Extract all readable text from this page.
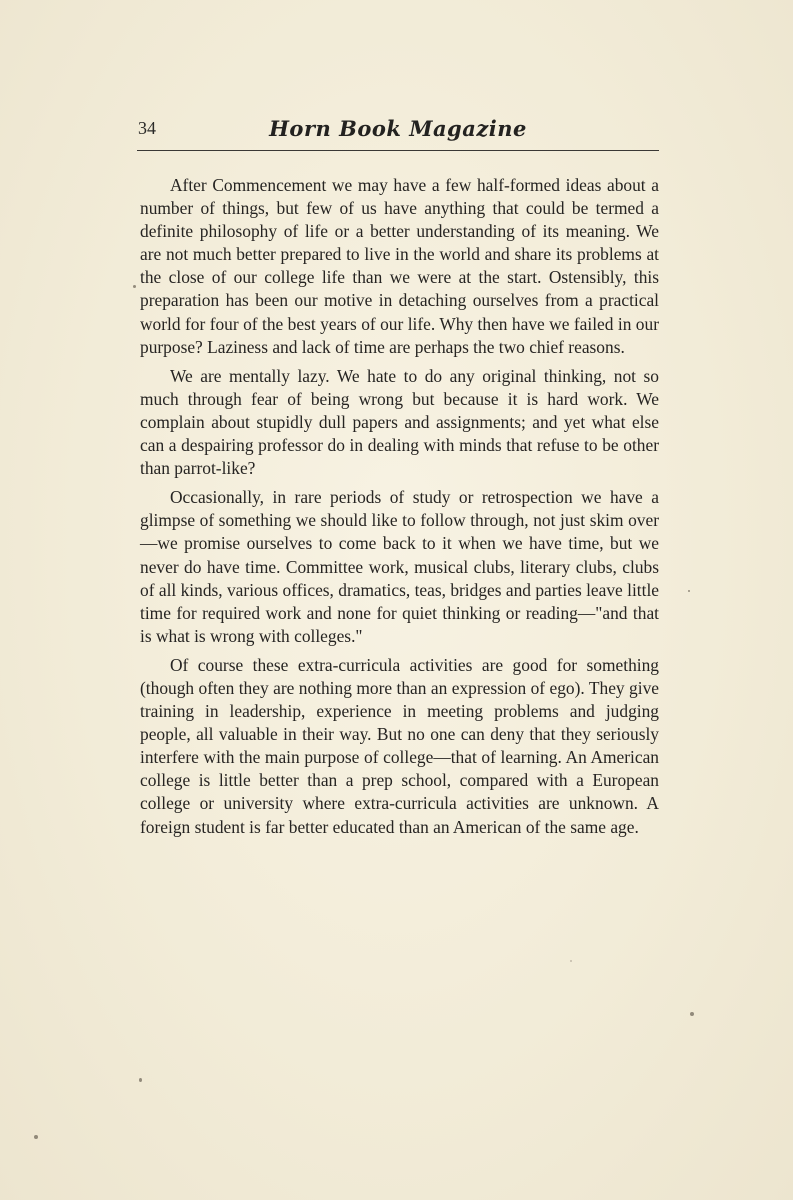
34	Horn Book Magazine

After Commencement we may have a few half-formed ideas about a number of things, but few of us have anything that could be termed a definite philosophy of life or a better understanding of its meaning. We are not much better prepared to live in the world and share its problems at the close of our college life than we were at the start. Ostensibly, this preparation has been our motive in detaching ourselves from a practical world for four of the best years of our life. Why then have we failed in our purpose? Laziness and lack of time are perhaps the two chief reasons.

We are mentally lazy. We hate to do any original thinking, not so much through fear of being wrong but because it is hard work. We complain about stupidly dull papers and assignments; and yet what else can a despairing professor do in dealing with minds that refuse to be other than parrot-like?

Occasionally, in rare periods of study or retrospection we have a glimpse of something we should like to follow through, not just skim over—we promise ourselves to come back to it when we have time, but we never do have time. Committee work, musical clubs, literary clubs, clubs of all kinds, various offices, dramatics, teas, bridges and parties leave little time for required work and none for quiet thinking or reading—"and that is what is wrong with colleges."

Of course these extra-curricula activities are good for something (though often they are nothing more than an expression of ego). They give training in leadership, experience in meeting problems and judging people, all valuable in their way. But no one can deny that they seriously interfere with the main purpose of college—that of learning. An American college is little better than a prep school, compared with a European college or university where extra-curricula activities are unknown. A foreign student is far better educated than an American of the same age.
